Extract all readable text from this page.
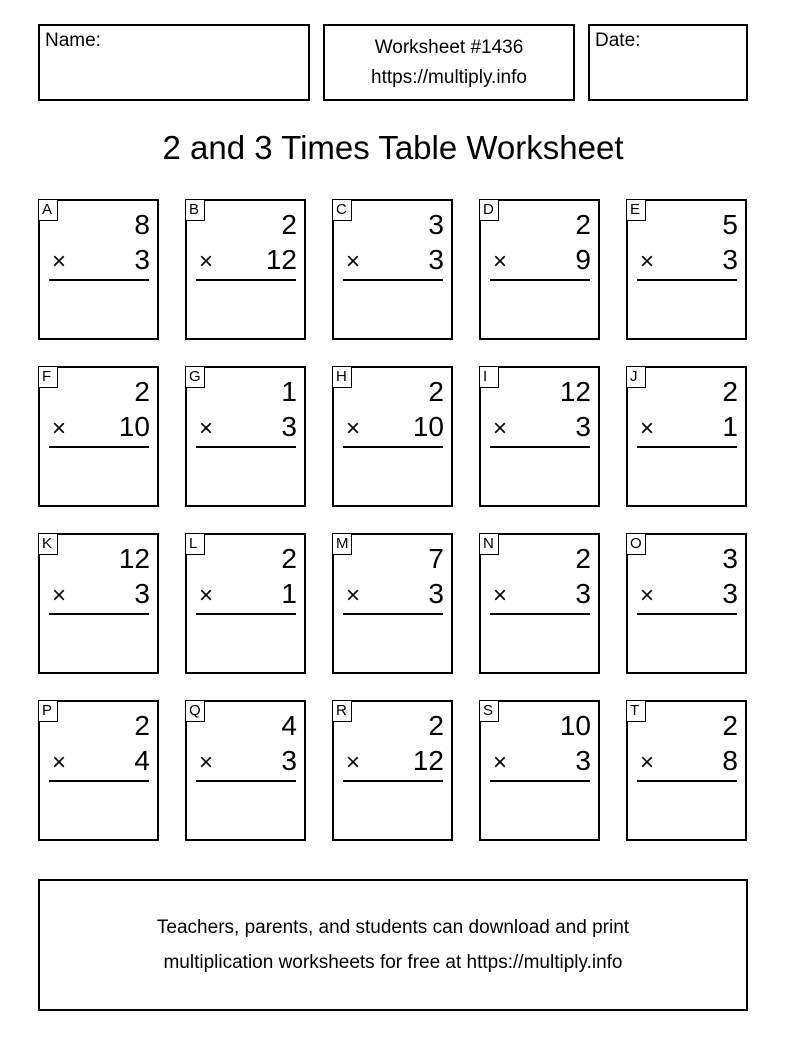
Name:	Worksheet #1436
https://multiply.info
Date:
2 and 3 Times Table Worksheet
A	8
× 3
B	2
× 12
C	3
× 3
D	2
× 9
E	5
× 3
F	2
× 10
G	1
× 3
H	2
× 10
I	12
× 3
J	2
× 1
K 12
× 3
L	2
× 1
M	7
× 3
N	2
× 3
O	3
× 3
P	2
× 4
Q	4
× 3
R	2
× 12
S 10
× 3
T	2
× 8
Teachers, parents, and students can download and print
multiplication worksheets for free at https://multiply.info
